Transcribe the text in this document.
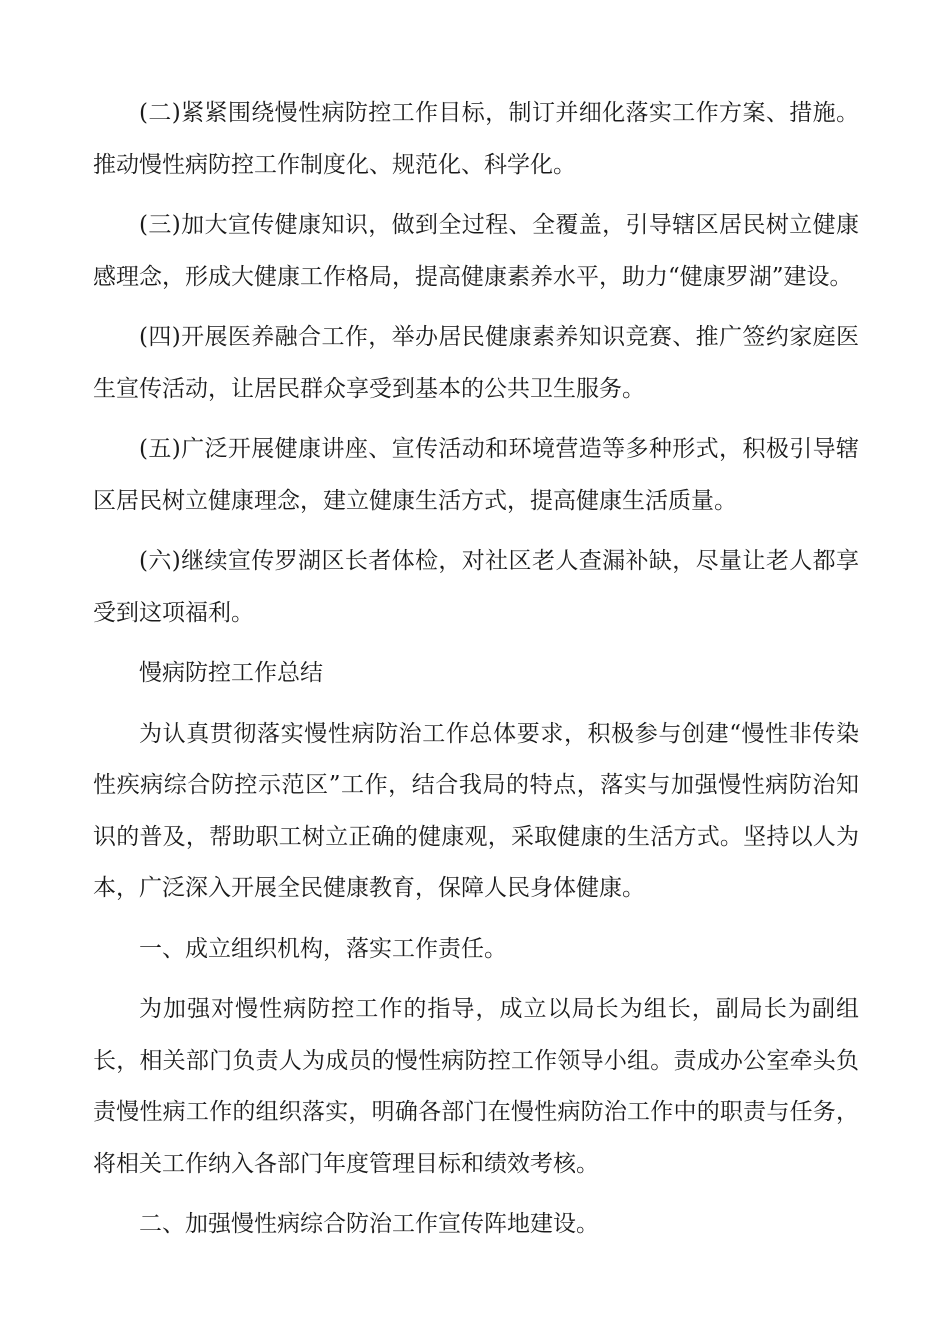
(二)紧紧围绕慢性病防控工作目标，制订并细化落实工作方案、措施。推动慢性病防控工作制度化、规范化、科学化。

(三)加大宣传健康知识，做到全过程、全覆盖，引导辖区居民树立健康感理念，形成大健康工作格局，提高健康素养水平，助力“健康罗湖”建设。

(四)开展医养融合工作，举办居民健康素养知识竞赛、推广签约家庭医生宣传活动，让居民群众享受到基本的公共卫生服务。

(五)广泛开展健康讲座、宣传活动和环境营造等多种形式，积极引导辖区居民树立健康理念，建立健康生活方式，提高健康生活质量。

(六)继续宣传罗湖区长者体检，对社区老人查漏补缺，尽量让老人都享受到这项福利。

慢病防控工作总结

为认真贯彻落实慢性病防治工作总体要求，积极参与创建“慢性非传染性疾病综合防控示范区”工作，结合我局的特点，落实与加强慢性病防治知识的普及，帮助职工树立正确的健康观，采取健康的生活方式。坚持以人为本，广泛深入开展全民健康教育，保障人民身体健康。

一、成立组织机构，落实工作责任。

为加强对慢性病防控工作的指导，成立以局长为组长，副局长为副组长，相关部门负责人为成员的慢性病防控工作领导小组。责成办公室牵头负责慢性病工作的组织落实，明确各部门在慢性病防治工作中的职责与任务，将相关工作纳入各部门年度管理目标和绩效考核。

二、加强慢性病综合防治工作宣传阵地建设。
